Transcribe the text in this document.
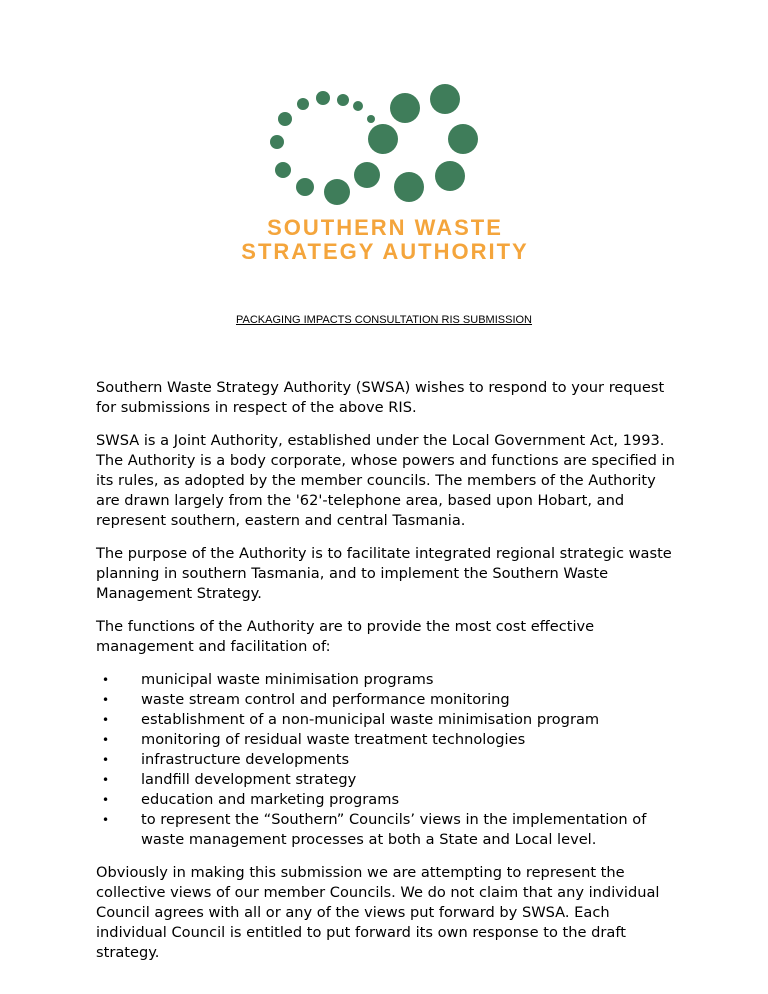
SOUTHERN WASTE
STRATEGY AUTHORITY
PACKAGING IMPACTS CONSULTATION RIS SUBMISSION

Southern Waste Strategy Authority (SWSA) wishes to respond to your request for submissions in respect of the above RIS.

SWSA is a Joint Authority, established under the Local Government Act, 1993. The Authority is a body corporate, whose powers and functions are specified in its rules, as adopted by the member councils. The members of the Authority are drawn largely from the '62'-telephone area, based upon Hobart, and represent southern, eastern and central Tasmania.

The purpose of the Authority is to facilitate integrated regional strategic waste planning in southern Tasmania, and to implement the Southern Waste Management Strategy.

The functions of the Authority are to provide the most cost effective management and facilitation of:

• municipal waste minimisation programs
• waste stream control and performance monitoring
• establishment of a non-municipal waste minimisation program
• monitoring of residual waste treatment technologies
• infrastructure developments
• landfill development strategy
• education and marketing programs
• to represent the “Southern” Councils’ views in the implementation of waste management processes at both a State and Local level.

Obviously in making this submission we are attempting to represent the collective views of our member Councils. We do not claim that any individual Council agrees with all or any of the views put forward by SWSA. Each individual Council is entitled to put forward its own response to the draft strategy.
